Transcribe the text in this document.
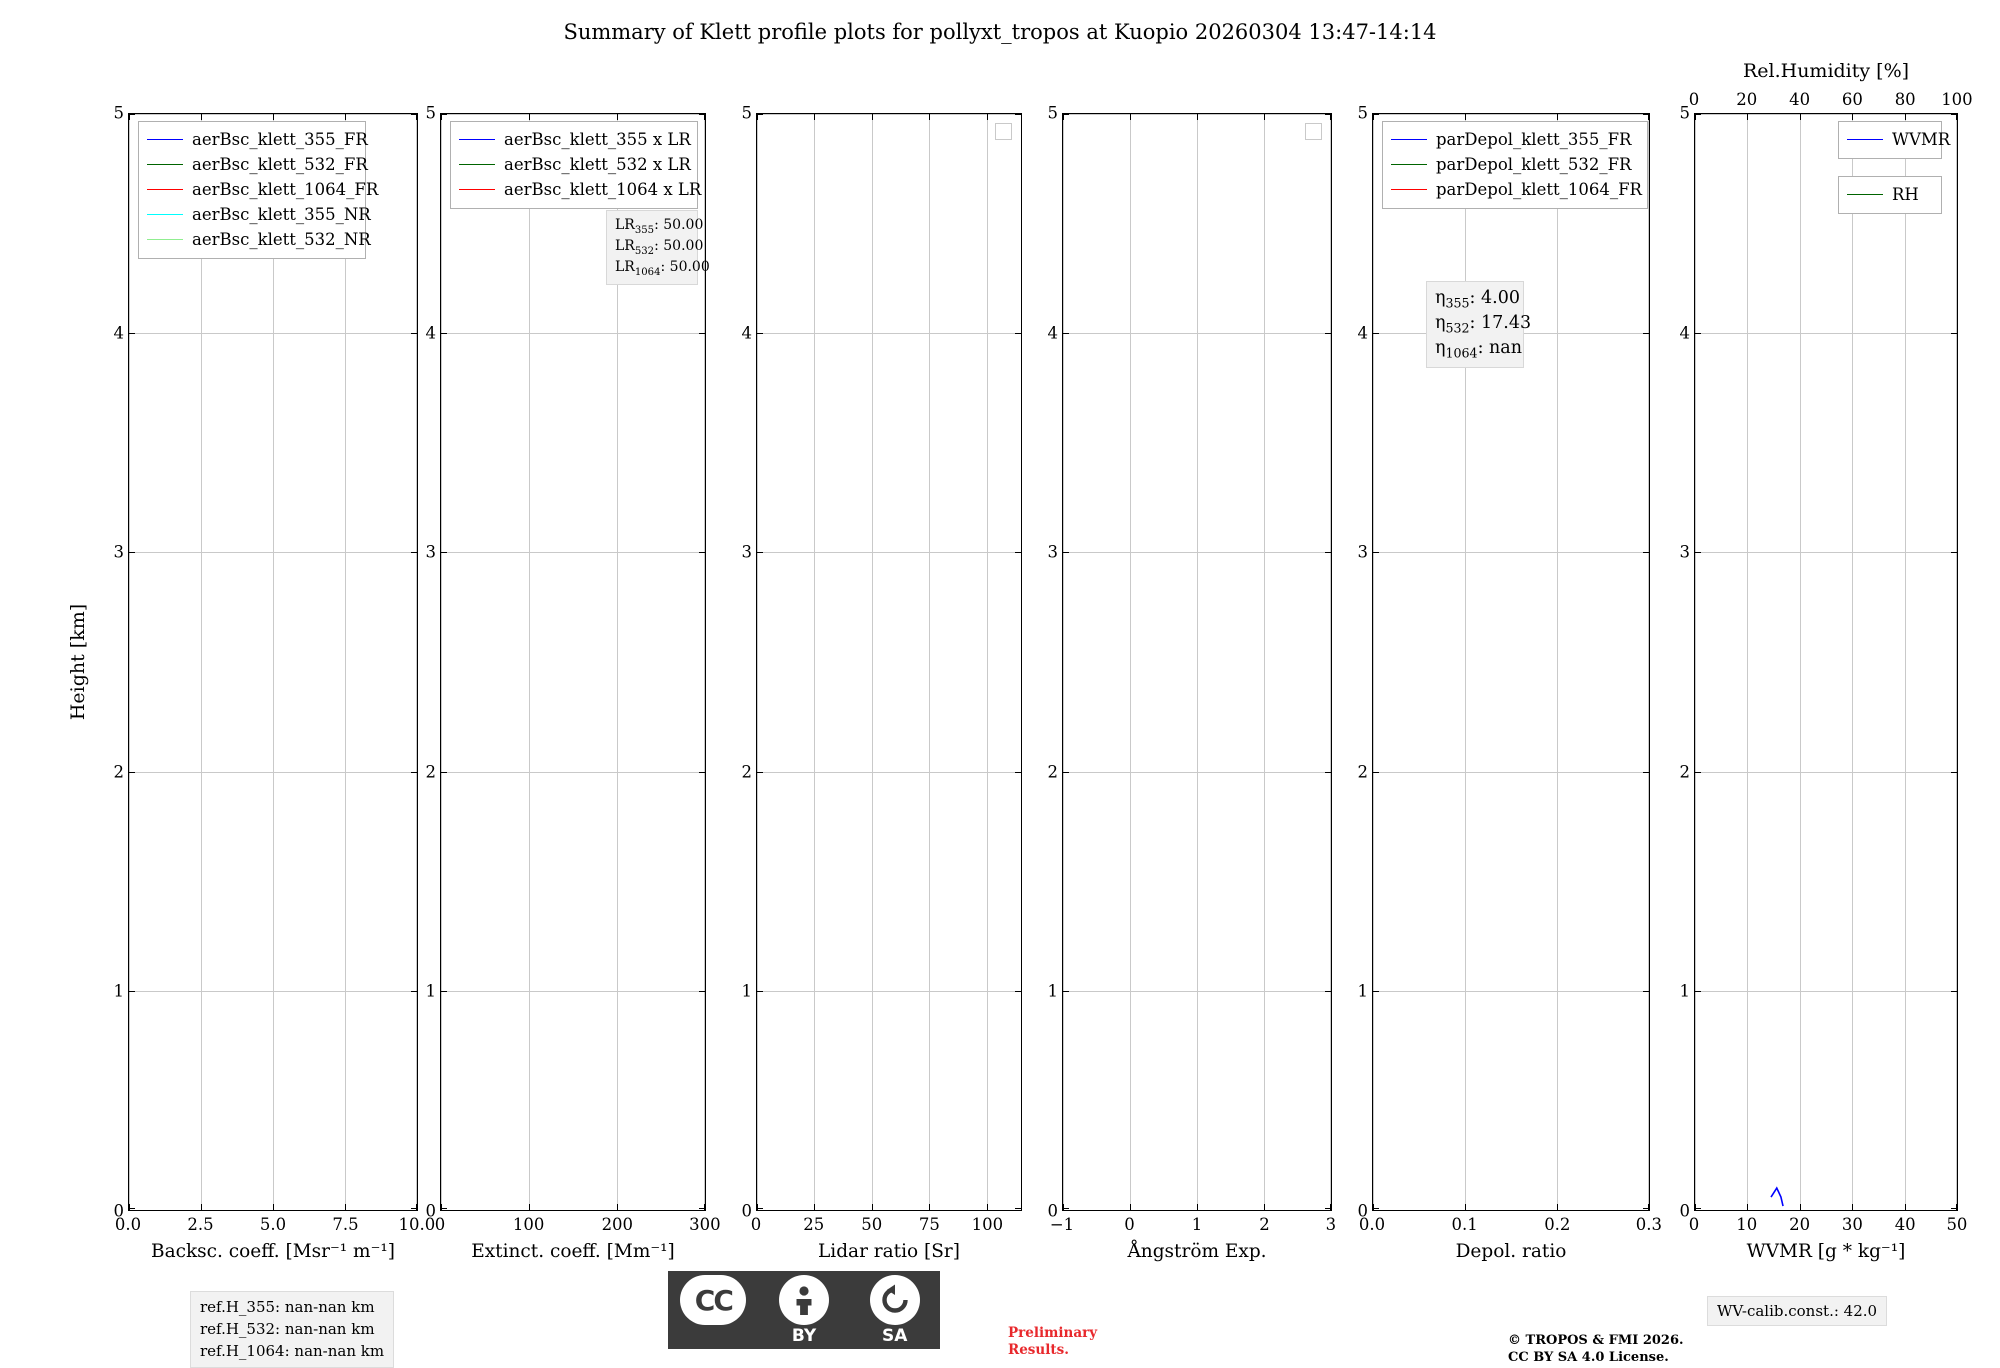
Summary of Klett profile plots for pollyxt_tropos at Kuopio 20260304 13:47-14:14
Height [km]
5
4
3
2
1
0
0.0	2.5	5.0	7.5 10.0
Backsc. coeff. [Msr⁻¹ m⁻¹]
aerBsc_klett_355_FR
aerBsc_klett_532_FR
aerBsc_klett_1064_FR
aerBsc_klett_355_NR
aerBsc_klett_532_NR
5
4
3
2
1
0
0	100	200	300
Extinct. coeff. [Mm⁻¹]
aerBsc_klett_355 x LR
aerBsc_klett_532 x LR
aerBsc_klett_1064 x LR
$LR_{355}$: 50.00
$LR_{532}$: 50.00
$LR_{1064}$: 50.00
5
4
3
2
1
0
0	25 50 75 100
Lidar ratio [Sr]
5
4
3
2
1
0
−1	0	1	2	3
Ångström Exp.
5
4
3
2
1
0
0.0	0.1	0.2	0.3
Depol. ratio
parDepol_klett_355_FR
parDepol_klett_532_FR
parDepol_klett_1064_FR
$\eta_{355}$: 4.00
$\eta_{532}$: 17.43
$\eta_{1064}$: nan
Rel.Humidity [%]
0 20 40 60 80 100
5
4
3
2
1
0
0 10 20 30 40 50
WVMR [g * kg⁻¹]
WVMR
RH
ref.H_355: nan-nan km
ref.H_532: nan-nan km
ref.H_1064: nan-nan km
WV-calib.const.: 42.0
Preliminary
Results.
© TROPOS & FMI 2026.
CC BY SA 4.0 License.
CC
BY	SA
